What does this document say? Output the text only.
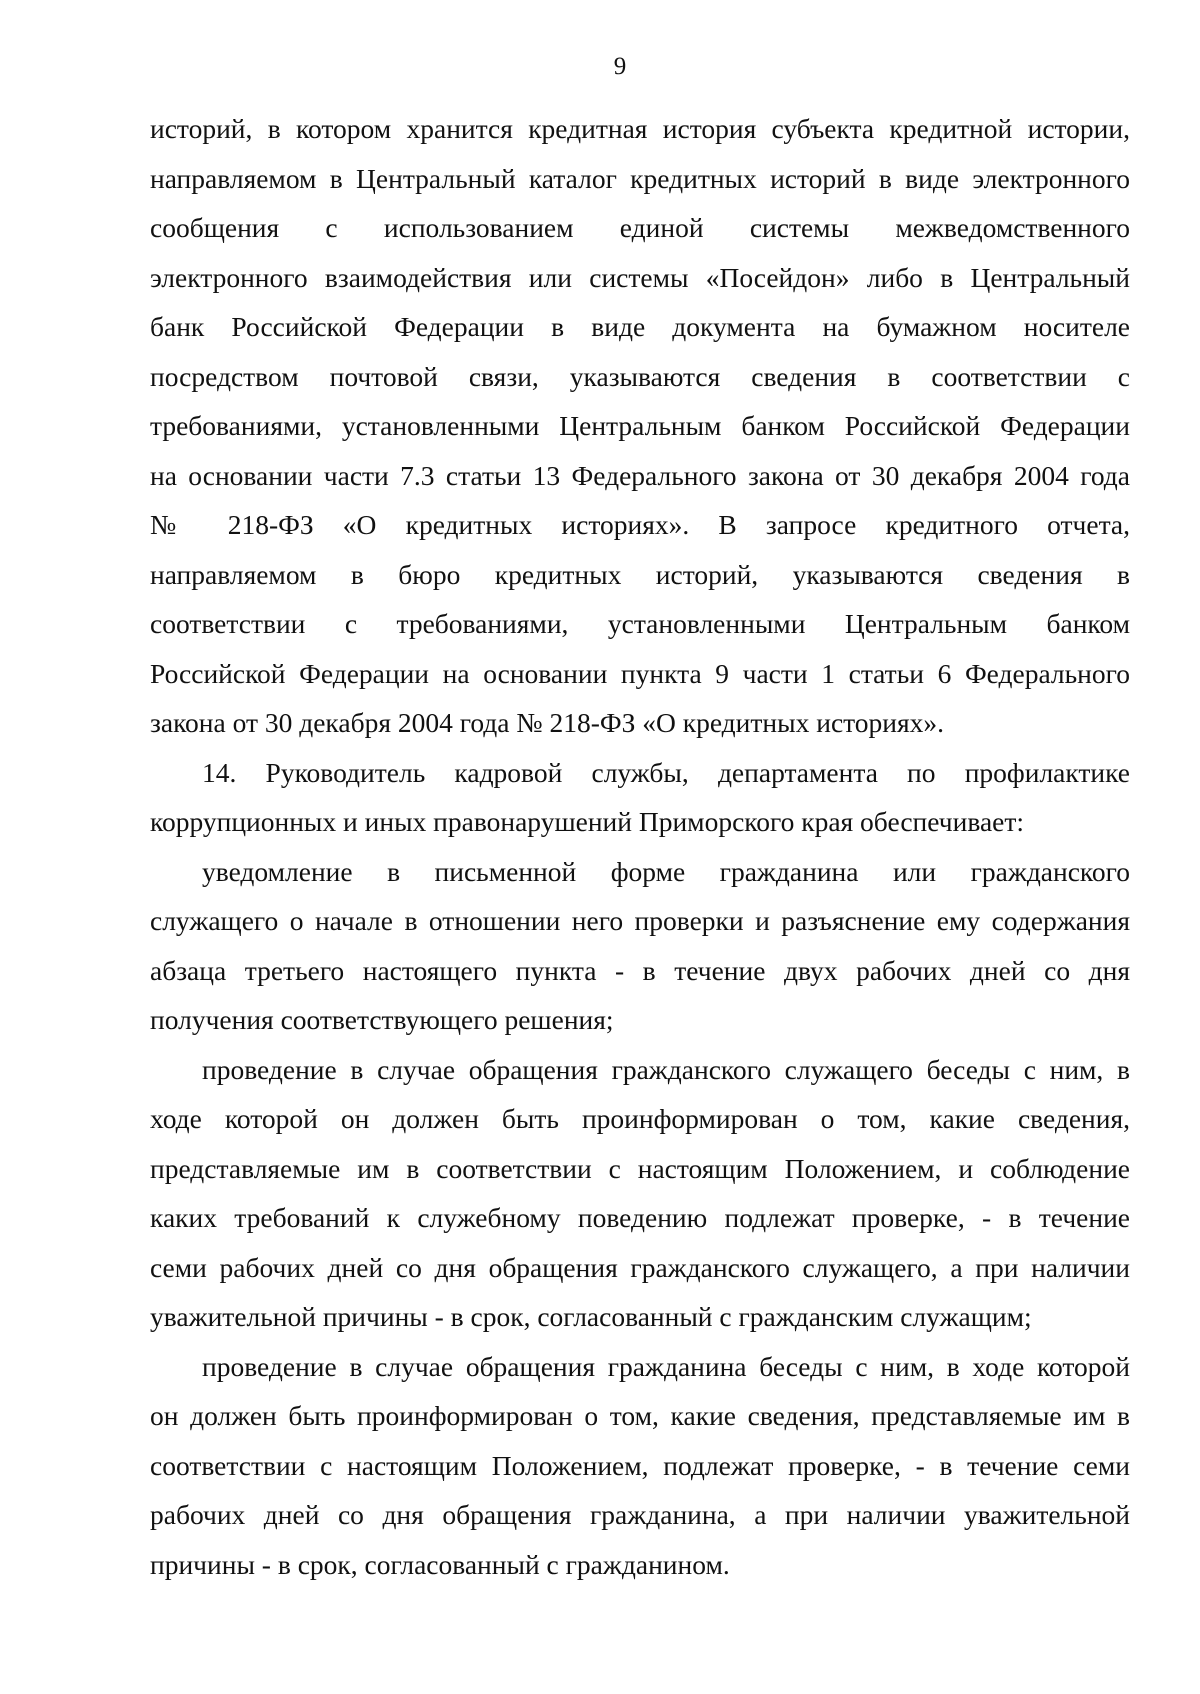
9

историй, в котором хранится кредитная история субъекта кредитной истории,
направляемом в Центральный каталог кредитных историй в виде электронного
сообщения с использованием единой системы межведомственного
электронного взаимодействия или системы «Посейдон» либо в Центральный
банк Российской Федерации в виде документа на бумажном носителе
посредством почтовой связи, указываются сведения в соответствии с
требованиями, установленными Центральным банком Российской Федерации
на основании части 7.3 статьи 13 Федерального закона от 30 декабря 2004 года
№ 218-ФЗ «О кредитных историях». В запросе кредитного отчета,
направляемом в бюро кредитных историй, указываются сведения в
соответствии с требованиями, установленными Центральным банком
Российской Федерации на основании пункта 9 части 1 статьи 6 Федерального
закона от 30 декабря 2004 года № 218-ФЗ «О кредитных историях».

14. Руководитель кадровой службы, департамента по профилактике
коррупционных и иных правонарушений Приморского края обеспечивает:

уведомление в письменной форме гражданина или гражданского
служащего о начале в отношении него проверки и разъяснение ему содержания
абзаца третьего настоящего пункта - в течение двух рабочих дней со дня
получения соответствующего решения;

проведение в случае обращения гражданского служащего беседы с ним, в
ходе которой он должен быть проинформирован о том, какие сведения,
представляемые им в соответствии с настоящим Положением, и соблюдение
каких требований к служебному поведению подлежат проверке, - в течение
семи рабочих дней со дня обращения гражданского служащего, а при наличии
уважительной причины - в срок, согласованный с гражданским служащим;

проведение в случае обращения гражданина беседы с ним, в ходе которой
он должен быть проинформирован о том, какие сведения, представляемые им в
соответствии с настоящим Положением, подлежат проверке, - в течение семи
рабочих дней со дня обращения гражданина, а при наличии уважительной
причины - в срок, согласованный с гражданином.
